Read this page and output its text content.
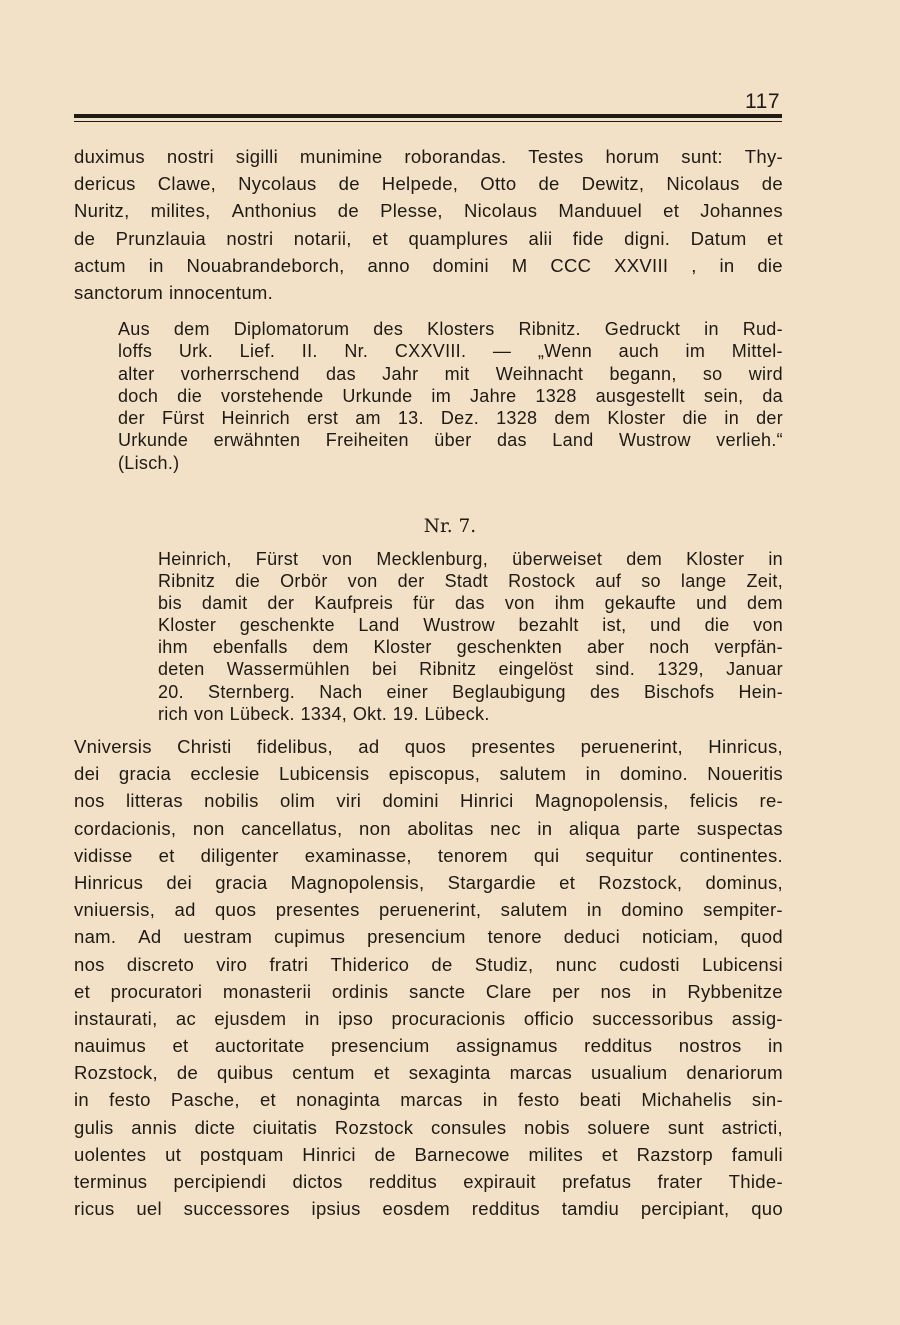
117
duximus nostri sigilli munimine roborandas. Testes horum sunt: Thy-
dericus Clawe, Nycolaus de Helpede, Otto de Dewitz, Nicolaus de
Nuritz, milites, Anthonius de Plesse, Nicolaus Manduuel et Johannes
de Prunzlauia nostri notarii, et quamplures alii fide digni. Datum et
actum in Nouabrandeborch, anno domini M CCC XXVIII , in die
sanctorum innocentum.
Aus dem Diplomatorum des Klosters Ribnitz. Gedruckt in Rud-
loffs Urk. Lief. II. Nr. CXXVIII. — „Wenn auch im Mittel-
alter vorherrschend das Jahr mit Weihnacht begann, so wird
doch die vorstehende Urkunde im Jahre 1328 ausgestellt sein, da
der Fürst Heinrich erst am 13. Dez. 1328 dem Kloster die in der
Urkunde erwähnten Freiheiten über das Land Wustrow verlieh.“
(Lisch.)
Nr. 7.
Heinrich, Fürst von Mecklenburg, überweiset dem Kloster in
Ribnitz die Orbör von der Stadt Rostock auf so lange Zeit,
bis damit der Kaufpreis für das von ihm gekaufte und dem
Kloster geschenkte Land Wustrow bezahlt ist, und die von
ihm ebenfalls dem Kloster geschenkten aber noch verpfän-
deten Wassermühlen bei Ribnitz eingelöst sind. 1329, Januar
20. Sternberg. Nach einer Beglaubigung des Bischofs Hein-
rich von Lübeck. 1334, Okt. 19. Lübeck.
Vniversis Christi fidelibus, ad quos presentes peruenerint, Hinricus,
dei gracia ecclesie Lubicensis episcopus, salutem in domino. Noueritis
nos litteras nobilis olim viri domini Hinrici Magnopolensis, felicis re-
cordacionis, non cancellatus, non abolitas nec in aliqua parte suspectas
vidisse et diligenter examinasse, tenorem qui sequitur continentes.
Hinricus dei gracia Magnopolensis, Stargardie et Rozstock, dominus,
vniuersis, ad quos presentes peruenerint, salutem in domino sempiter-
nam. Ad uestram cupimus presencium tenore deduci noticiam, quod
nos discreto viro fratri Thiderico de Studiz, nunc cudosti Lubicensi
et procuratori monasterii ordinis sancte Clare per nos in Rybbenitze
instaurati, ac ejusdem in ipso procuracionis officio successoribus assig-
nauimus et auctoritate presencium assignamus redditus nostros in
Rozstock, de quibus centum et sexaginta marcas usualium denariorum
in festo Pasche, et nonaginta marcas in festo beati Michahelis sin-
gulis annis dicte ciuitatis Rozstock consules nobis soluere sunt astricti,
uolentes ut postquam Hinrici de Barnecowe milites et Razstorp famuli
terminus percipiendi dictos redditus expirauit prefatus frater Thide-
ricus uel successores ipsius eosdem redditus tamdiu percipiant, quo
